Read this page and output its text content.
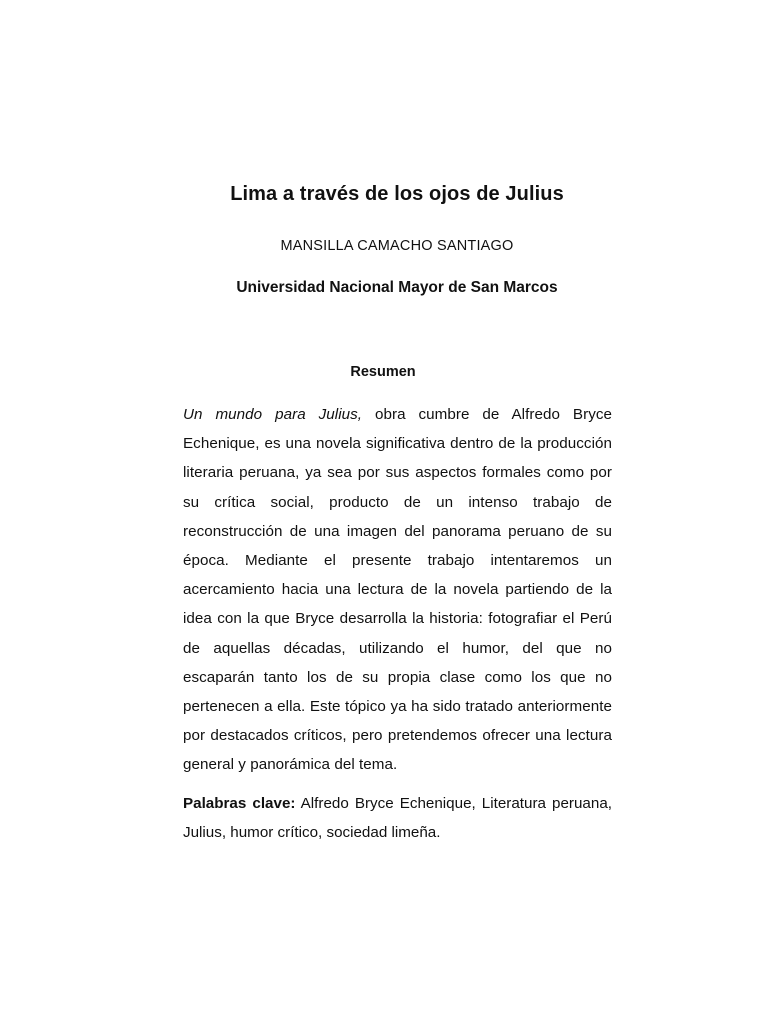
Lima a través de los ojos de Julius
MANSILLA CAMACHO SANTIAGO
Universidad Nacional Mayor de San Marcos
Resumen

Un mundo para Julius, obra cumbre de Alfredo Bryce Echenique, es una novela significativa dentro de la producción literaria peruana, ya sea por sus aspectos formales como por su crítica social, producto de un intenso trabajo de reconstrucción de una imagen del panorama peruano de su época. Mediante el presente trabajo intentaremos un acercamiento hacia una lectura de la novela partiendo de la idea con la que Bryce desarrolla la historia: fotografiar el Perú de aquellas décadas, utilizando el humor, del que no escaparán tanto los de su propia clase como los que no pertenecen a ella. Este tópico ya ha sido tratado anteriormente por destacados críticos, pero pretendemos ofrecer una lectura general y panorámica del tema.

Palabras clave: Alfredo Bryce Echenique, Literatura peruana, Julius, humor crítico, sociedad limeña.
